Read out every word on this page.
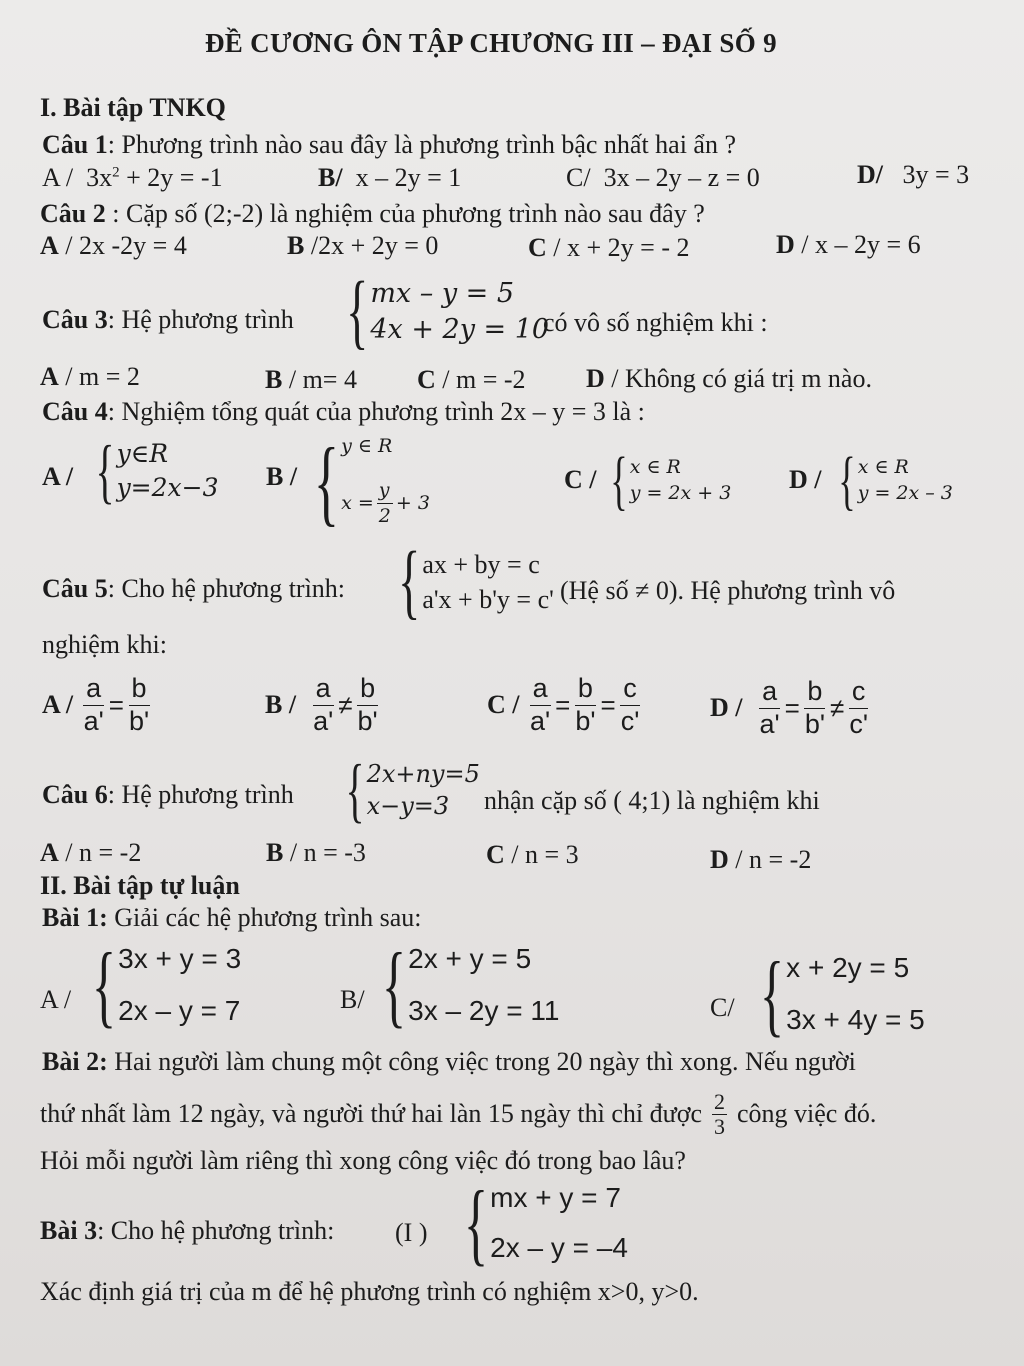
ĐỀ CƯƠNG ÔN TẬP CHƯƠNG III – ĐẠI SỐ 9
I. Bài tập TNKQ
Câu 1: Phương trình nào sau đây là phương trình bậc nhất hai ẩn ?
$A / 3x^2 + 2y = -1$	B/ x – 2y = 1	C/ 3x – 2y – z = 0	D/ 3y = 3
Câu 2 : Cặp số (2;-2) là nghiệm của phương trình nào sau đây ?
A / 2x -2y = 4	B /2x + 2y = 0	C / x + 2y = - 2	D / x – 2y = 6
Câu 3: Hệ phương trình { mx – y = 5
4x + 2y = 10
có vô số nghiệm khi :
A / m = 2	B / m= 4 C / m = -2 D / Không có giá trị m nào.
Câu 4: Nghiệm tổng quát của phương trình 2x – y = 3 là :
A / { y∈R
y=2x−3 B / { y ∈ R
$x = \frac{y}{2} + 3$
C / { x ∈ R
y = 2x + 3 D / { x ∈ R
y = 2x – 3
Câu 5: Cho hệ phương trình: { ax + by = c
a'x + b'y = c' (Hệ số ≠ 0). Hệ phương trình vô
nghiệm khi:
A /
$\frac{a}{a'} = \frac{b}{b'}$	B /
$\frac{a}{a'} \ne \frac{b}{b'}$	C /
$\frac{a}{a'} = \frac{b}{b'} = \frac{c}{c'}$	D /
$\frac{a}{a'} = \frac{b}{b'} \ne \frac{c}{c'}$
Câu 6: Hệ phương trình { 2x+ny=5
x−y=3	nhận cặp số ( 4;1) là nghiệm khi
A / n = -2	B / n = -3	C / n = 3	D / n = -2
II. Bài tập tự luận
Bài 1: Giải các hệ phương trình sau:
A / { 3x + y = 3
2x – y = 7	B/ { 2x + y = 5
3x – 2y = 11	C/ { x + 2y = 5
3x + 4y = 5
Bài 2: Hai người làm chung một công việc trong 20 ngày thì xong. Nếu người
thứ nhất làm 12 ngày, và người thứ hai làn 15 ngày thì chỉ được 2
3 công việc đó.
Hỏi mỗi người làm riêng thì xong công việc đó trong bao lâu?
Bài 3: Cho hệ phương trình: (I ) { mx + y = 7
2x – y = –4
Xác định giá trị của m để hệ phương trình có nghiệm x>0, y>0.
